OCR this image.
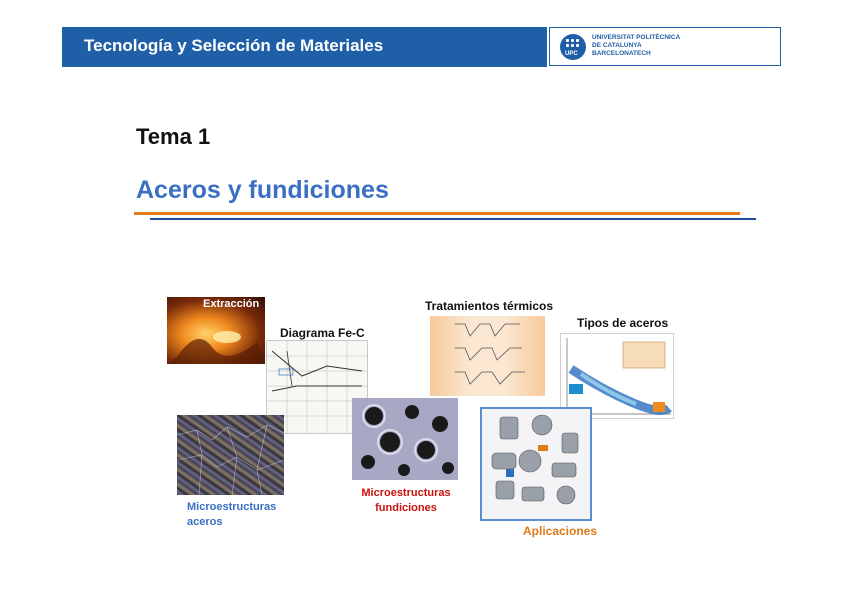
Tecnología y Selección de Materiales	UPC
UNIVERSITAT POLITÈCNICA
DE CATALUNYA
BARCELONATECH
Tema 1
Aceros y fundiciones
Extracción
Diagrama Fe-C
Tratamientos térmicos
Tipos de aceros
Microestructuras
aceros
Microestructuras
fundiciones
Aplicaciones
